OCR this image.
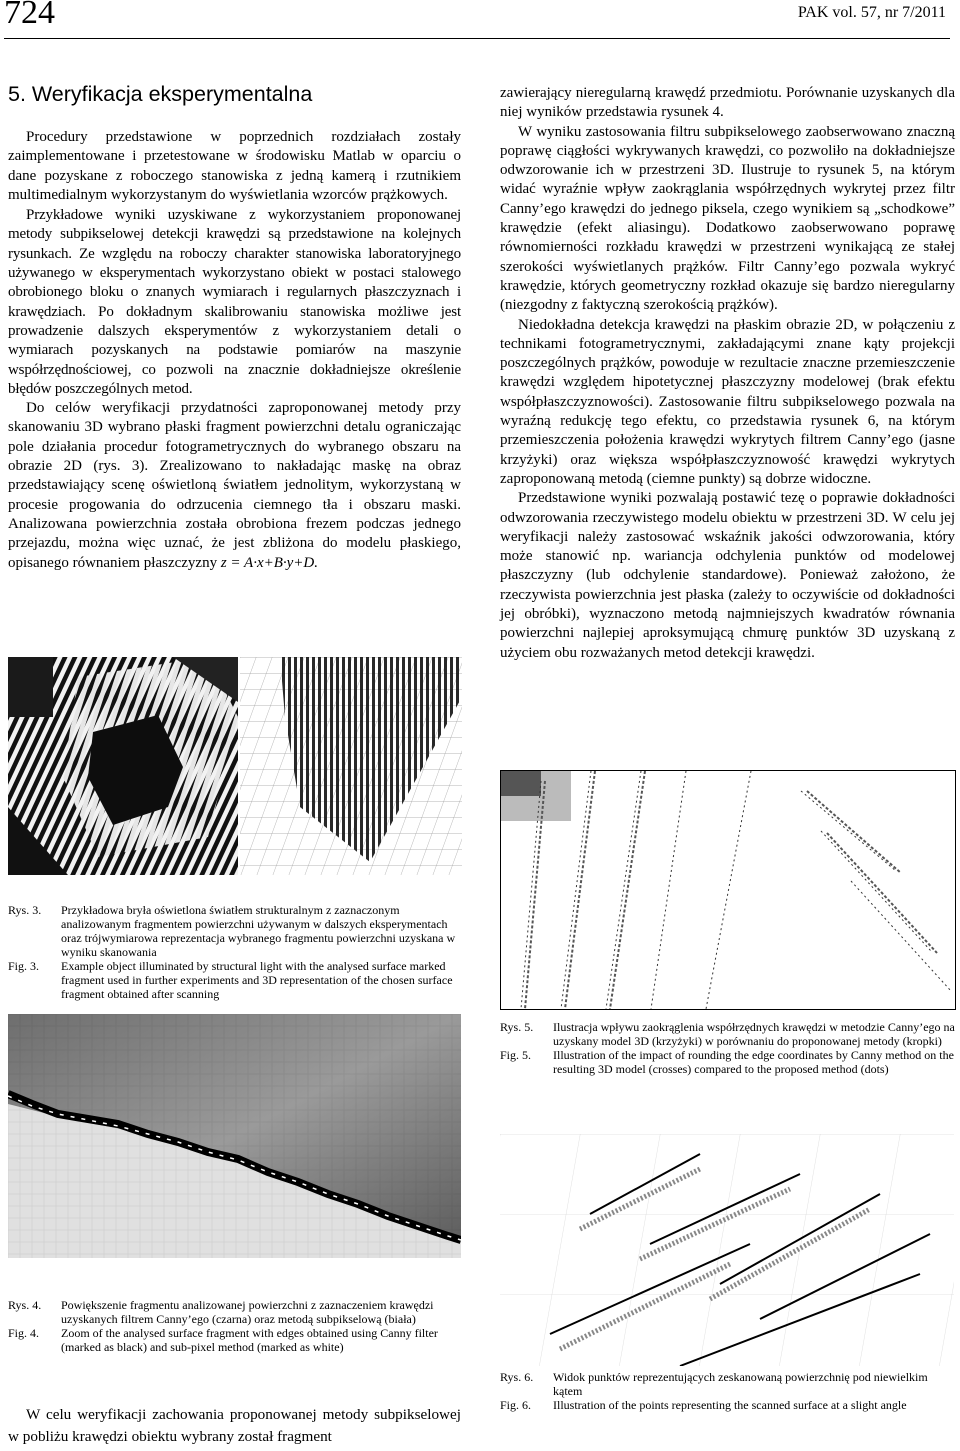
724	PAK vol. 57, nr 7/2011
5. Weryfikacja eksperymentalna

Procedury przedstawione w poprzednich rozdziałach zostały zaimplementowane i przetestowane w środowisku Matlab w oparciu o dane pozyskane z roboczego stanowiska z jedną kamerą i rzutnikiem multimedialnym wykorzystanym do wyświetlania wzorców prążkowych.

Przykładowe wyniki uzyskiwane z wykorzystaniem proponowanej metody subpikselowej detekcji krawędzi są przedstawione na kolejnych rysunkach. Ze względu na roboczy charakter stanowiska laboratoryjnego używanego w eksperymentach wykorzystano obiekt w postaci stalowego obrobionego bloku o znanych wymiarach i regularnych płaszczyznach i krawędziach. Po dokładnym skalibrowaniu stanowiska możliwe jest prowadzenie dalszych eksperymentów z wykorzystaniem detali o wymiarach pozyskanych na podstawie pomiarów na maszynie współrzędnościowej, co pozwoli na znacznie dokładniejsze określenie błędów poszczególnych metod.

Do celów weryfikacji przydatności zaproponowanej metody przy skanowaniu 3D wybrano płaski fragment powierzchni detalu ograniczając pole działania procedur fotogrametrycznych do wybranego obszaru na obrazie 2D (rys. 3). Zrealizowano to nakładając maskę na obraz przedstawiający scenę oświetloną światłem jednolitym, wykorzystaną w procesie progowania do odrzucenia ciemnego tła i obszaru maski. Analizowana powierzchnia została obrobiona frezem podczas jednego przejazdu, można więc uznać, że jest zbliżona do modelu płaskiego, opisanego równaniem płaszczyzny z = A·x+B·y+D.

zawierający nieregularną krawędź przedmiotu. Porównanie uzyskanych dla niej wyników przedstawia rysunek 4.

W wyniku zastosowania filtru subpikselowego zaobserwowano znaczną poprawę ciągłości wykrywanych krawędzi, co pozwoliło na dokładniejsze odwzorowanie ich w przestrzeni 3D. Ilustruje to rysunek 5, na którym widać wyraźnie wpływ zaokrąglania współrzędnych wykrytej przez filtr Canny’ego krawędzi do jednego piksela, czego wynikiem są „schodkowe” krawędzie (efekt aliasingu). Dodatkowo zaobserwowano poprawę równomierności rozkładu krawędzi w przestrzeni wynikającą ze stałej szerokości wyświetlanych prążków. Filtr Canny’ego pozwala wykryć krawędzie, których geometryczny rozkład okazuje się bardzo nieregularny (niezgodny z faktyczną szerokością prążków).

Niedokładna detekcja krawędzi na płaskim obrazie 2D, w połączeniu z technikami fotogrametrycznymi, zakładającymi znane kąty projekcji poszczególnych prążków, powoduje w rezultacie znaczne przemieszczenie krawędzi względem hipotetycznej płaszczyzny modelowej (brak efektu współpłaszczyznowości). Zastosowanie filtru subpikselowego pozwala na wyraźną redukcję tego efektu, co przedstawia rysunek 6, na którym przemieszczenia położenia krawędzi wykrytych filtrem Canny’ego (jasne krzyżyki) oraz większa współpłaszczyznowość krawędzi wykrytych zaproponowaną metodą (ciemne punkty) są dobrze widoczne.

Przedstawione wyniki pozwalają postawić tezę o poprawie dokładności odwzorowania rzeczywistego modelu obiektu w przestrzeni 3D. W celu jej weryfikacji należy zastosować wskaźnik jakości odwzorowania, który może stanowić np. wariancja odchylenia punktów od modelowej płaszczyzny (lub odchylenie standardowe). Ponieważ założono, że rzeczywista powierzchnia jest płaska (zależy to oczywiście od dokładności jej obróbki), wyznaczono metodą najmniejszych kwadratów równania powierzchni najlepiej aproksymującą chmurę punktów 3D uzyskaną z użyciem obu rozważanych metod detekcji krawędzi.

Rys. 3.	Przykładowa bryła oświetlona światłem strukturalnym z zaznaczonym analizowanym fragmentem powierzchni używanym w dalszych eksperymentach oraz trójwymiarowa reprezentacja wybranego fragmentu powierzchni uzyskana w wyniku skanowania
Fig. 3.	Example object illuminated by structural light with the analysed surface marked fragment used in further experiments and 3D representation of the chosen surface fragment obtained after scanning
Rys. 4.	Powiększenie fragmentu analizowanej powierzchni z zaznaczeniem krawędzi uzyskanych filtrem Canny’ego (czarna) oraz metodą subpikselową (biała)
Fig. 4.	Zoom of the analysed surface fragment with edges obtained using Canny filter (marked as black) and sub-pixel method (marked as white)
Rys. 5.	Ilustracja wpływu zaokrąglenia współrzędnych krawędzi w metodzie Canny’ego na uzyskany model 3D (krzyżyki) w porównaniu do proponowanej metody (kropki)
Fig. 5.	Illustration of the impact of rounding the edge coordinates by Canny method on the resulting 3D model (crosses) compared to the proposed method (dots)
Rys. 6.	Widok punktów reprezentujących zeskanowaną powierzchnię pod niewielkim kątem
Fig. 6.	Illustration of the points representing the scanned surface at a slight angle
W celu weryfikacji zachowania proponowanej metody subpikselowej w pobliżu krawędzi obiektu wybrany został fragment
